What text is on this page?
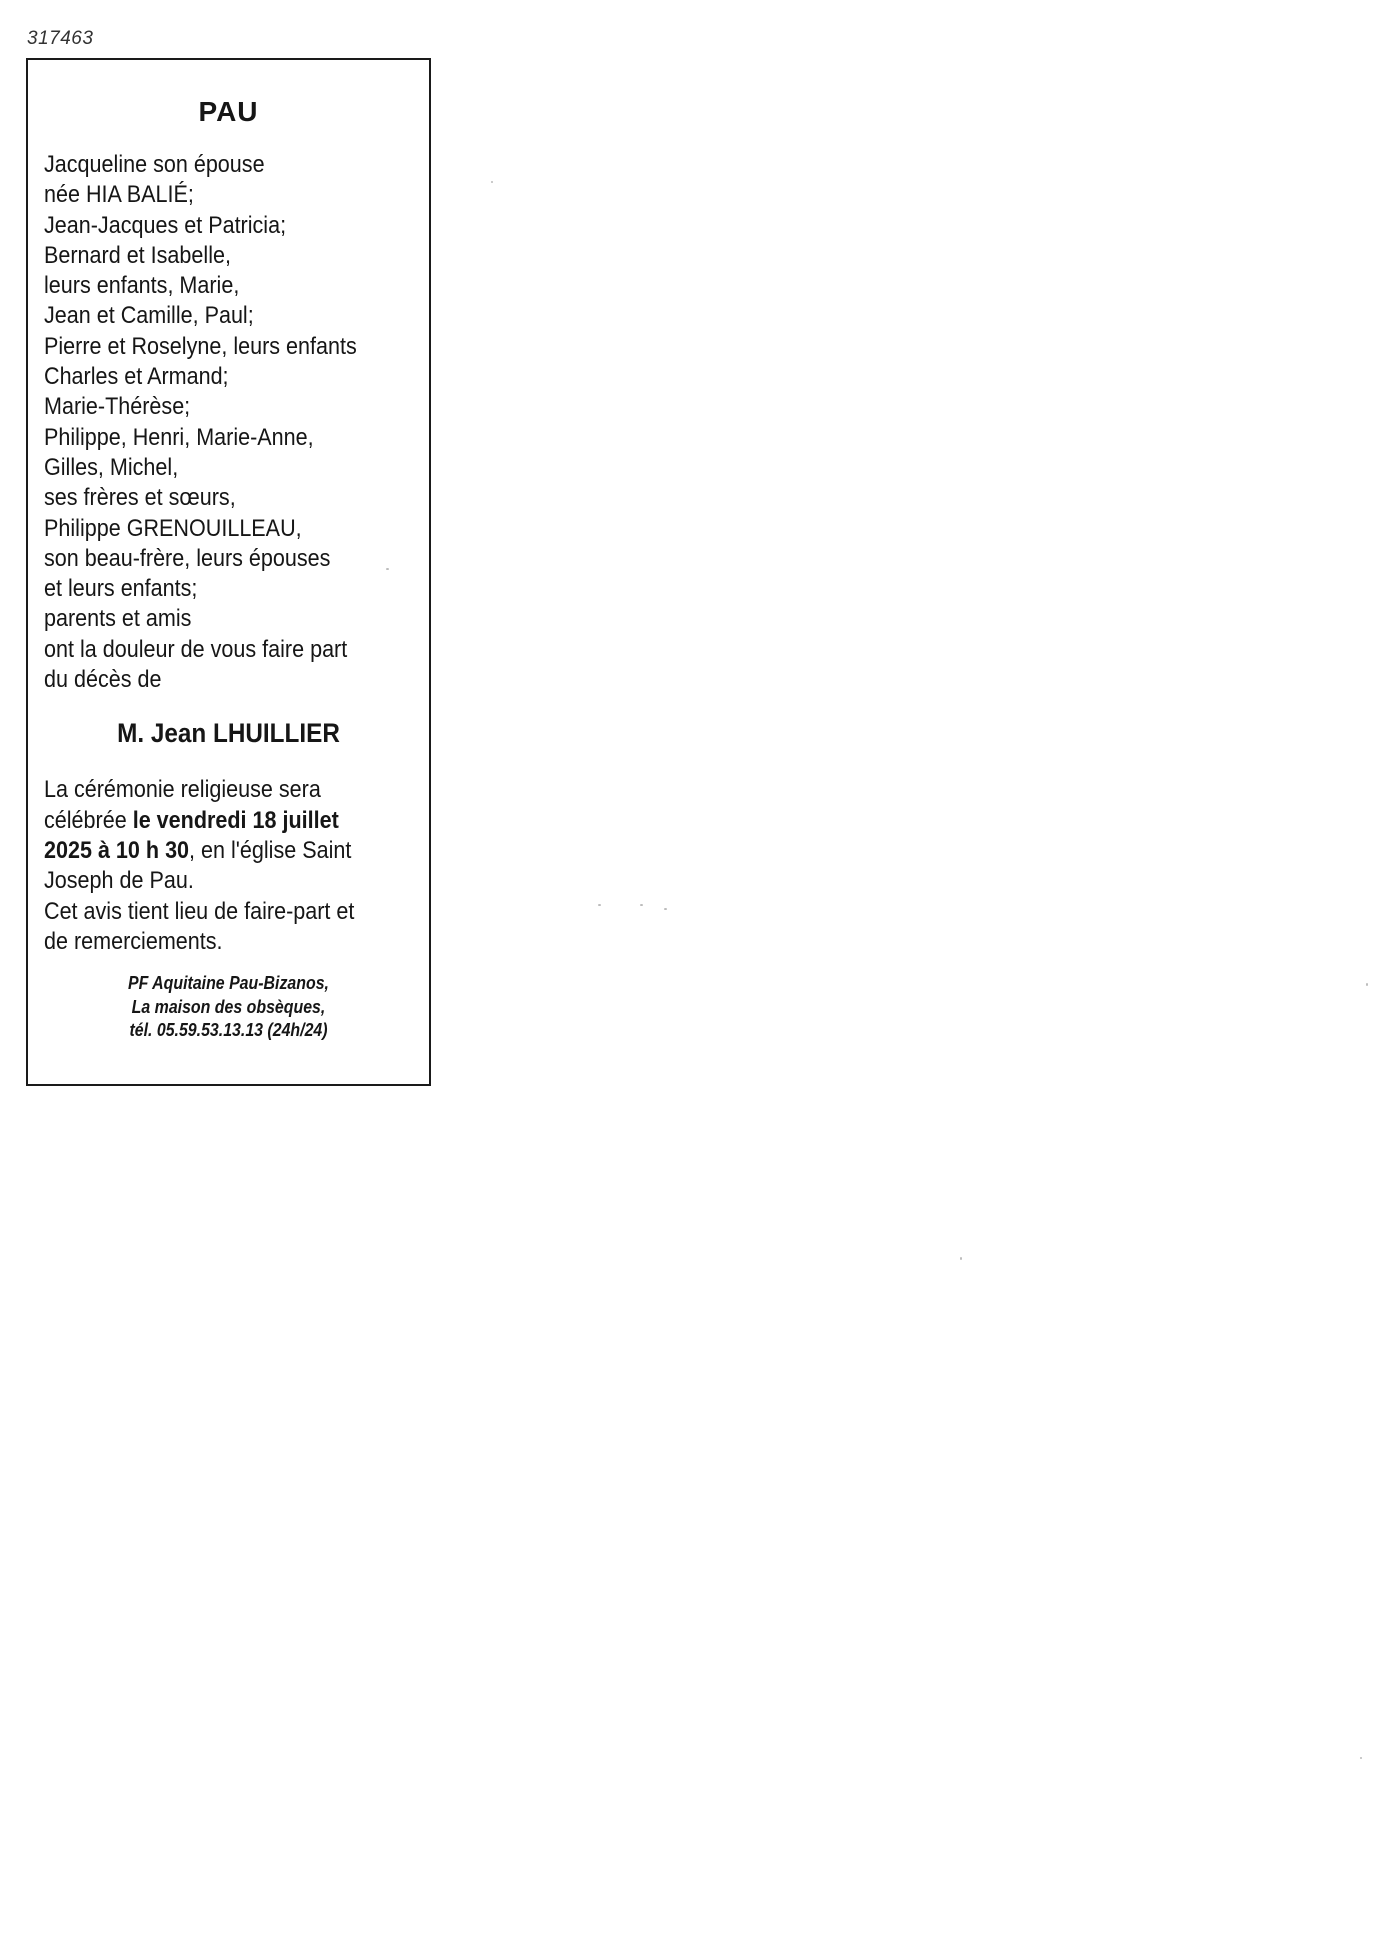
317463
PAU
Jacqueline son épouse
née HIA BALIÉ;
Jean-Jacques et Patricia;
Bernard et Isabelle,
leurs enfants, Marie,
Jean et Camille, Paul;
Pierre et Roselyne, leurs enfants
Charles et Armand;
Marie-Thérèse;
Philippe, Henri, Marie-Anne,
Gilles, Michel,
ses frères et sœurs,
Philippe GRENOUILLEAU,
son beau-frère, leurs épouses
et leurs enfants;
parents et amis
ont la douleur de vous faire part
du décès de
M. Jean LHUILLIER
La cérémonie religieuse sera
célébrée le vendredi 18 juillet
2025 à 10 h 30, en l'église Saint
Joseph de Pau.
Cet avis tient lieu de faire-part et
de remerciements.
PF Aquitaine Pau-Bizanos,
La maison des obsèques,
tél. 05.59.53.13.13 (24h/24)
